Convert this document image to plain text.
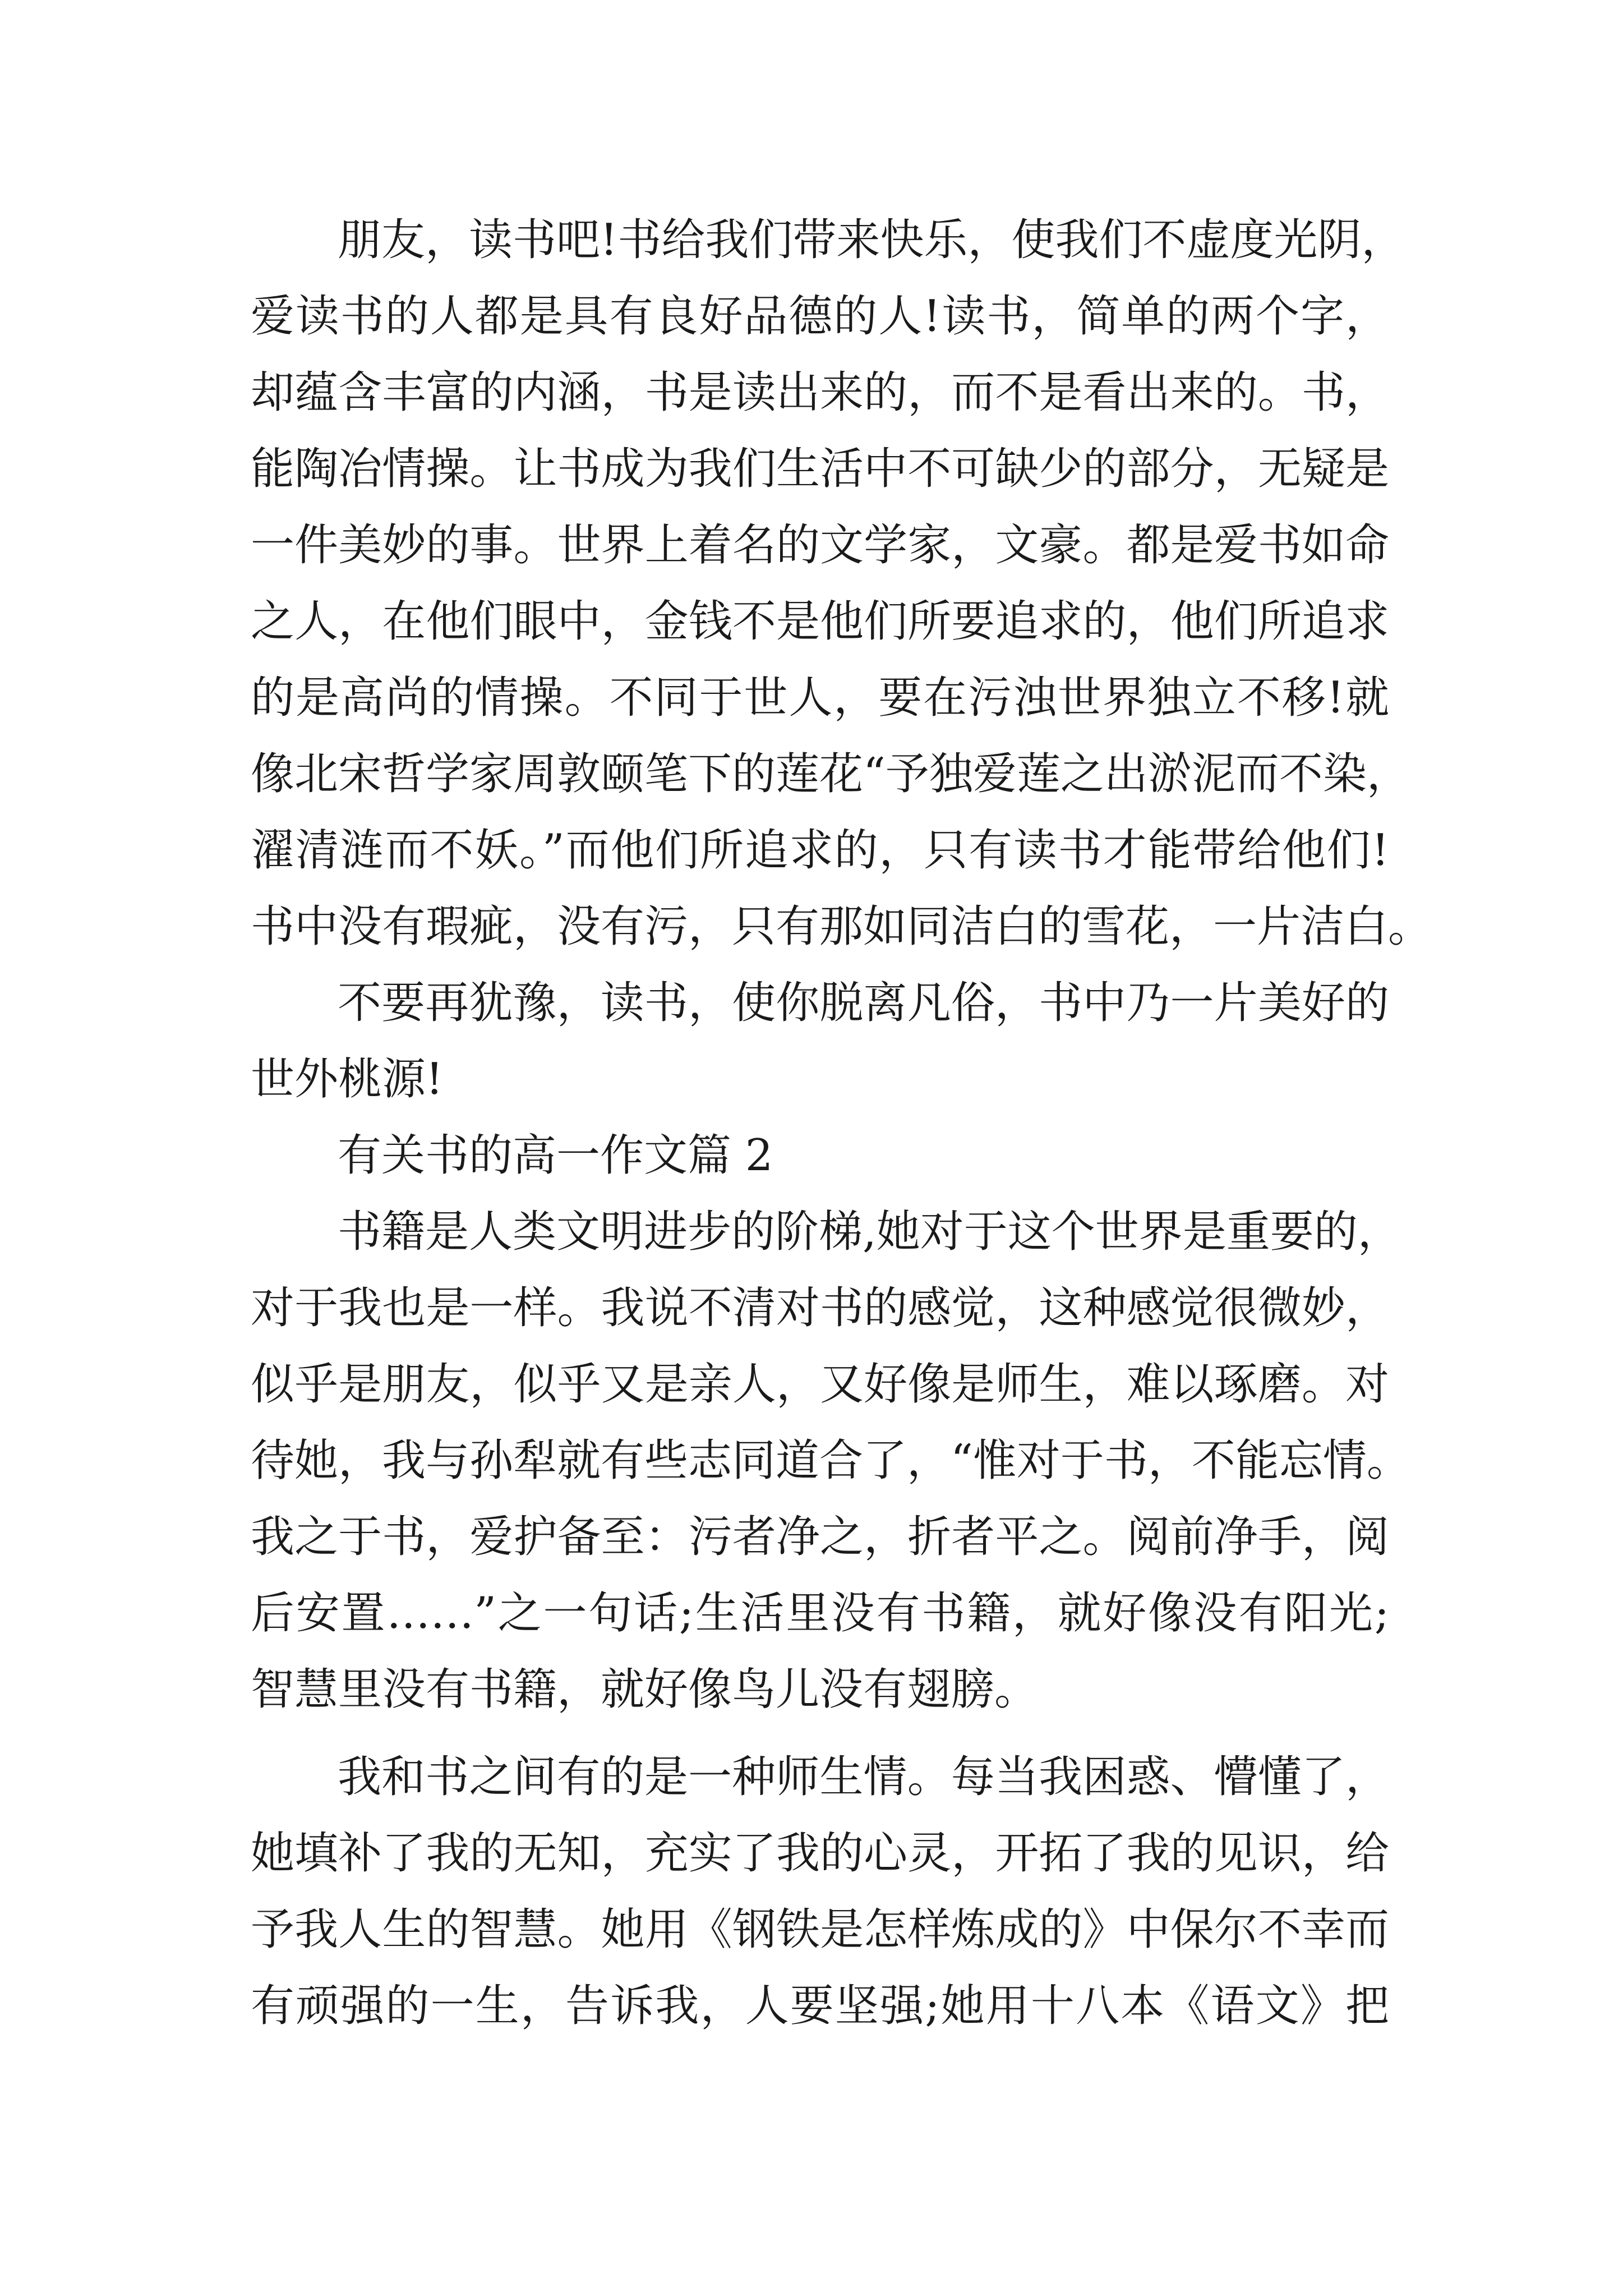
朋友，读书吧!书给我们带来快乐，使我们不虚度光阴，
爱读书的人都是具有良好品德的人!读书，简单的两个字，
却蕴含丰富的内涵，书是读出来的，而不是看出来的。书，
能陶冶情操。让书成为我们生活中不可缺少的部分，无疑是
一件美妙的事。世界上着名的文学家，文豪。都是爱书如命
之人，在他们眼中，金钱不是他们所要追求的，他们所追求
的是高尚的情操。不同于世人，要在污浊世界独立不移!就
像北宋哲学家周敦颐笔下的莲花“予独爱莲之出淤泥而不染，
濯清涟而不妖。”而他们所追求的，只有读书才能带给他们!
书中没有瑕疵，没有污，只有那如同洁白的雪花，一片洁白。
不要再犹豫，读书，使你脱离凡俗，书中乃一片美好的
世外桃源!
有关书的高一作文篇 2
书籍是人类文明进步的阶梯,她对于这个世界是重要的，
对于我也是一样。我说不清对书的感觉，这种感觉很微妙，
似乎是朋友，似乎又是亲人，又好像是师生，难以琢磨。对
待她，我与孙犁就有些志同道合了，“惟对于书，不能忘情。
我之于书，爱护备至：污者净之，折者平之。阅前净手，阅
后安置……”之一句话;生活里没有书籍，就好像没有阳光;
智慧里没有书籍，就好像鸟儿没有翅膀。
我和书之间有的是一种师生情。每当我困惑、懵懂了，
她填补了我的无知，充实了我的心灵，开拓了我的见识，给
予我人生的智慧。她用《钢铁是怎样炼成的》中保尔不幸而
有顽强的一生，告诉我，人要坚强;她用十八本《语文》把
